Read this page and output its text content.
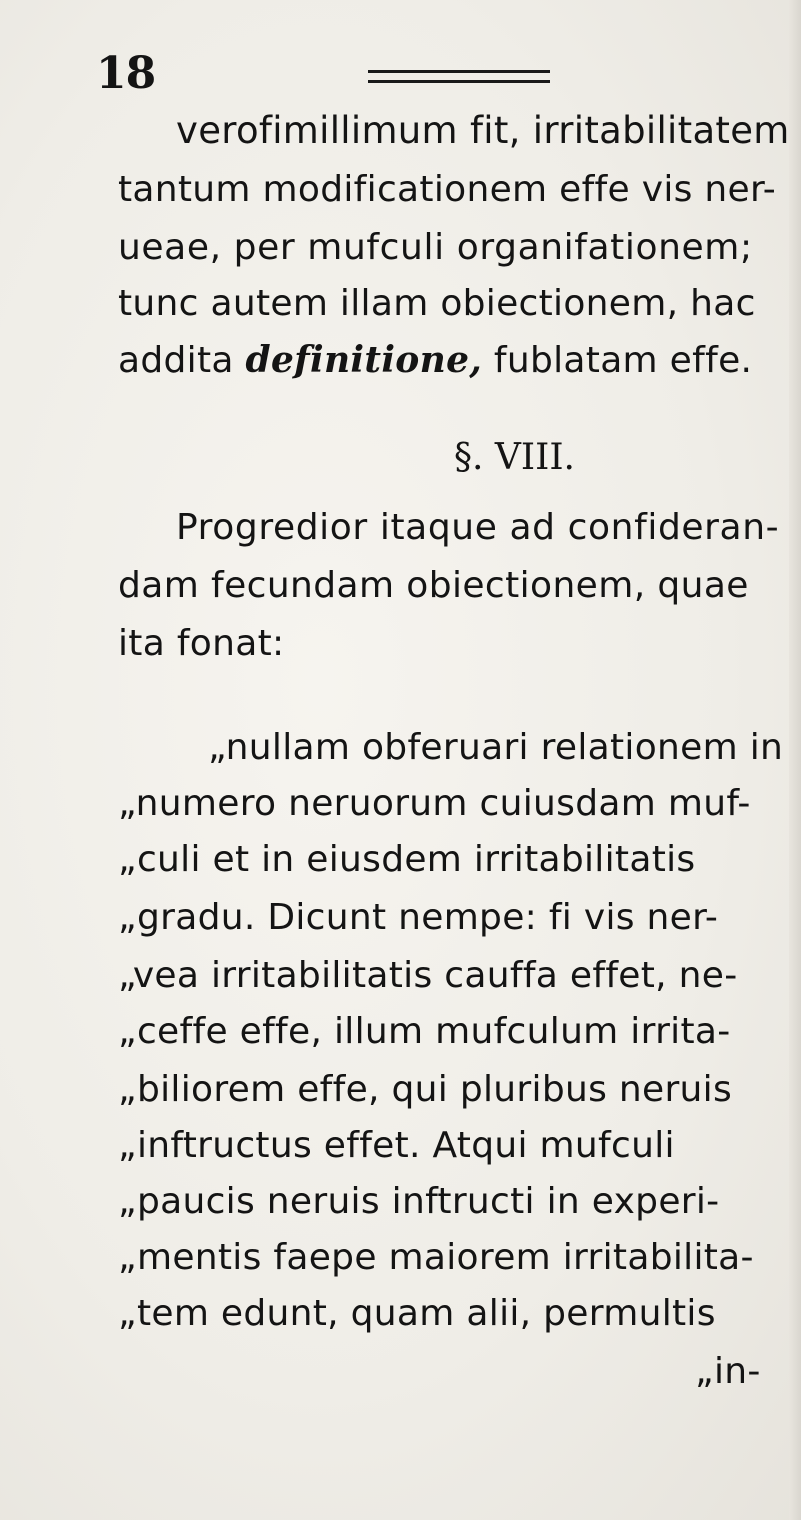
18
verofimillimum fit, irritabilitatem
tantum modificationem effe vis ner-
ueae, per mufculi organifationem;
tunc autem illam obiectionem, hac
addita definitione, fublatam effe.
§. VIII.
Progredior itaque ad confideran-
dam fecundam obiectionem, quae
ita fonat:
„nullam obferuari relationem in
„numero neruorum cuiusdam muf-
„culi et in eiusdem irritabilitatis
„gradu. Dicunt nempe: fi vis ner-
„vea irritabilitatis cauffa effet, ne-
„ceffe effe, illum mufculum irrita-
„biliorem effe, qui pluribus neruis
„inftructus effet. Atqui mufculi
„paucis neruis inftructi in experi-
„mentis faepe maiorem irritabilita-
„tem edunt, quam alii, permultis
„in-
